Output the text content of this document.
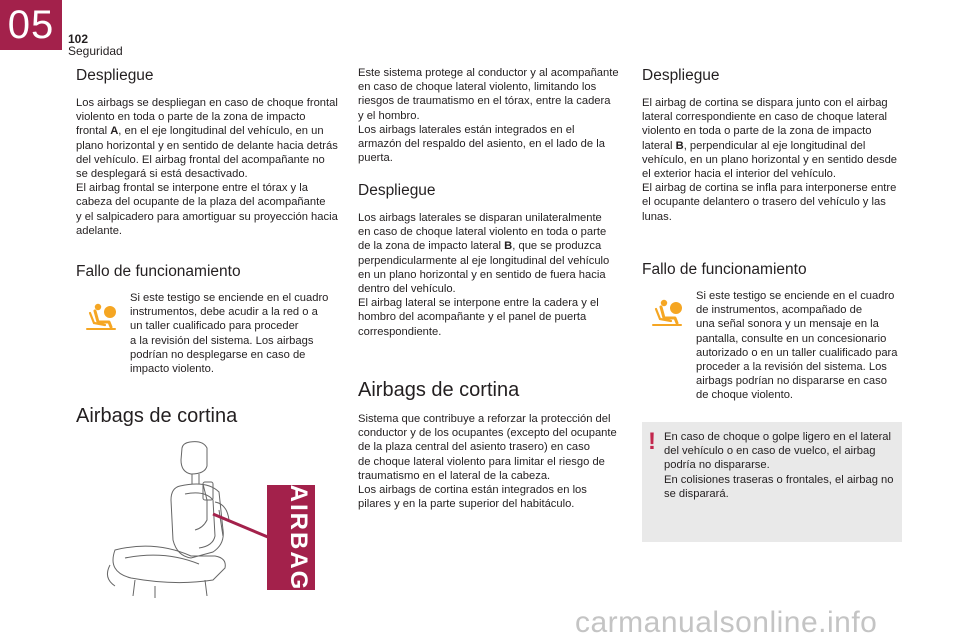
05	102
Seguridad
Despliegue
Los airbags se despliegan en caso de choque frontal
violento en toda o parte de la zona de impacto
frontal A, en el eje longitudinal del vehículo, en un
plano horizontal y en sentido de delante hacia detrás
del vehículo. El airbag frontal del acompañante no
se desplegará si está desactivado.
El airbag frontal se interpone entre el tórax y la
cabeza del ocupante de la plaza del acompañante
y el salpicadero para amortiguar su proyección hacia
adelante.
Fallo de funcionamiento
Si este testigo se enciende en el cuadro
instrumentos, debe acudir a la red o a
un taller cualificado para proceder
a la revisión del sistema. Los airbags
podrían no desplegarse en caso de
impacto violento.
Airbags de cortina
AIRBAG
Este sistema protege al conductor y al acompañante
en caso de choque lateral violento, limitando los
riesgos de traumatismo en el tórax, entre la cadera
y el hombro.
Los airbags laterales están integrados en el
armazón del respaldo del asiento, en el lado de la
puerta.
Despliegue
Los airbags laterales se disparan unilateralmente
en caso de choque lateral violento en toda o parte
de la zona de impacto lateral B, que se produzca
perpendicularmente al eje longitudinal del vehículo
en un plano horizontal y en sentido de fuera hacia
dentro del vehículo.
El airbag lateral se interpone entre la cadera y el
hombro del acompañante y el panel de puerta
correspondiente.
Airbags de cortina
Sistema que contribuye a reforzar la protección del
conductor y de los ocupantes (excepto del ocupante
de la plaza central del asiento trasero) en caso
de choque lateral violento para limitar el riesgo de
traumatismo en el lateral de la cabeza.
Los airbags de cortina están integrados en los
pilares y en la parte superior del habitáculo.
Despliegue
El airbag de cortina se dispara junto con el airbag
lateral correspondiente en caso de choque lateral
violento en toda o parte de la zona de impacto
lateral B, perpendicular al eje longitudinal del
vehículo, en un plano horizontal y en sentido desde
el exterior hacia el interior del vehículo.
El airbag de cortina se infla para interponerse entre
el ocupante delantero o trasero del vehículo y las
lunas.
Fallo de funcionamiento
Si este testigo se enciende en el cuadro
de instrumentos, acompañado de
una señal sonora y un mensaje en la
pantalla, consulte en un concesionario
autorizado o en un taller cualificado para
proceder a la revisión del sistema. Los
airbags podrían no dispararse en caso
de choque violento.
! En caso de choque o golpe ligero en el lateral
del vehículo o en caso de vuelco, el airbag
podría no dispararse.
En colisiones traseras o frontales, el airbag no
se disparará.
carmanualsonline.info
